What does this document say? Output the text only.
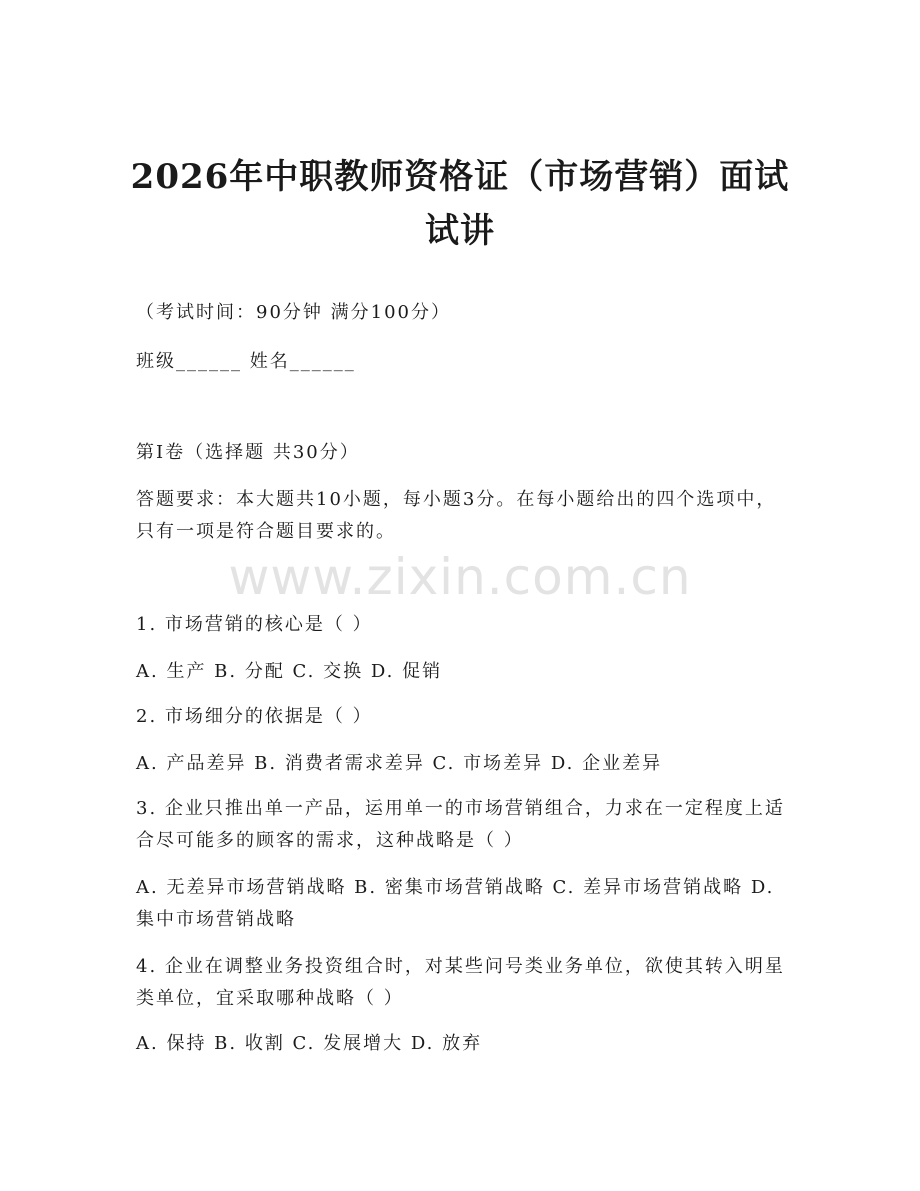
2026年中职教师资格证（市场营销）面试试讲
（考试时间：90分钟 满分100分）
班级______ 姓名______
第I卷（选择题 共30分）
答题要求：本大题共10小题，每小题3分。在每小题给出的四个选项中，只有一项是符合题目要求的。
www.zixin.com.cn
1. 市场营销的核心是（ ）
A. 生产 B. 分配 C. 交换 D. 促销
2. 市场细分的依据是（ ）
A. 产品差异 B. 消费者需求差异 C. 市场差异 D. 企业差异
3. 企业只推出单一产品，运用单一的市场营销组合，力求在一定程度上适合尽可能多的顾客的需求，这种战略是（ ）
A. 无差异市场营销战略 B. 密集市场营销战略 C. 差异市场营销战略 D. 集中市场营销战略
4. 企业在调整业务投资组合时，对某些问号类业务单位，欲使其转入明星类单位，宜采取哪种战略（ ）
A. 保持 B. 收割 C. 发展增大 D. 放弃
